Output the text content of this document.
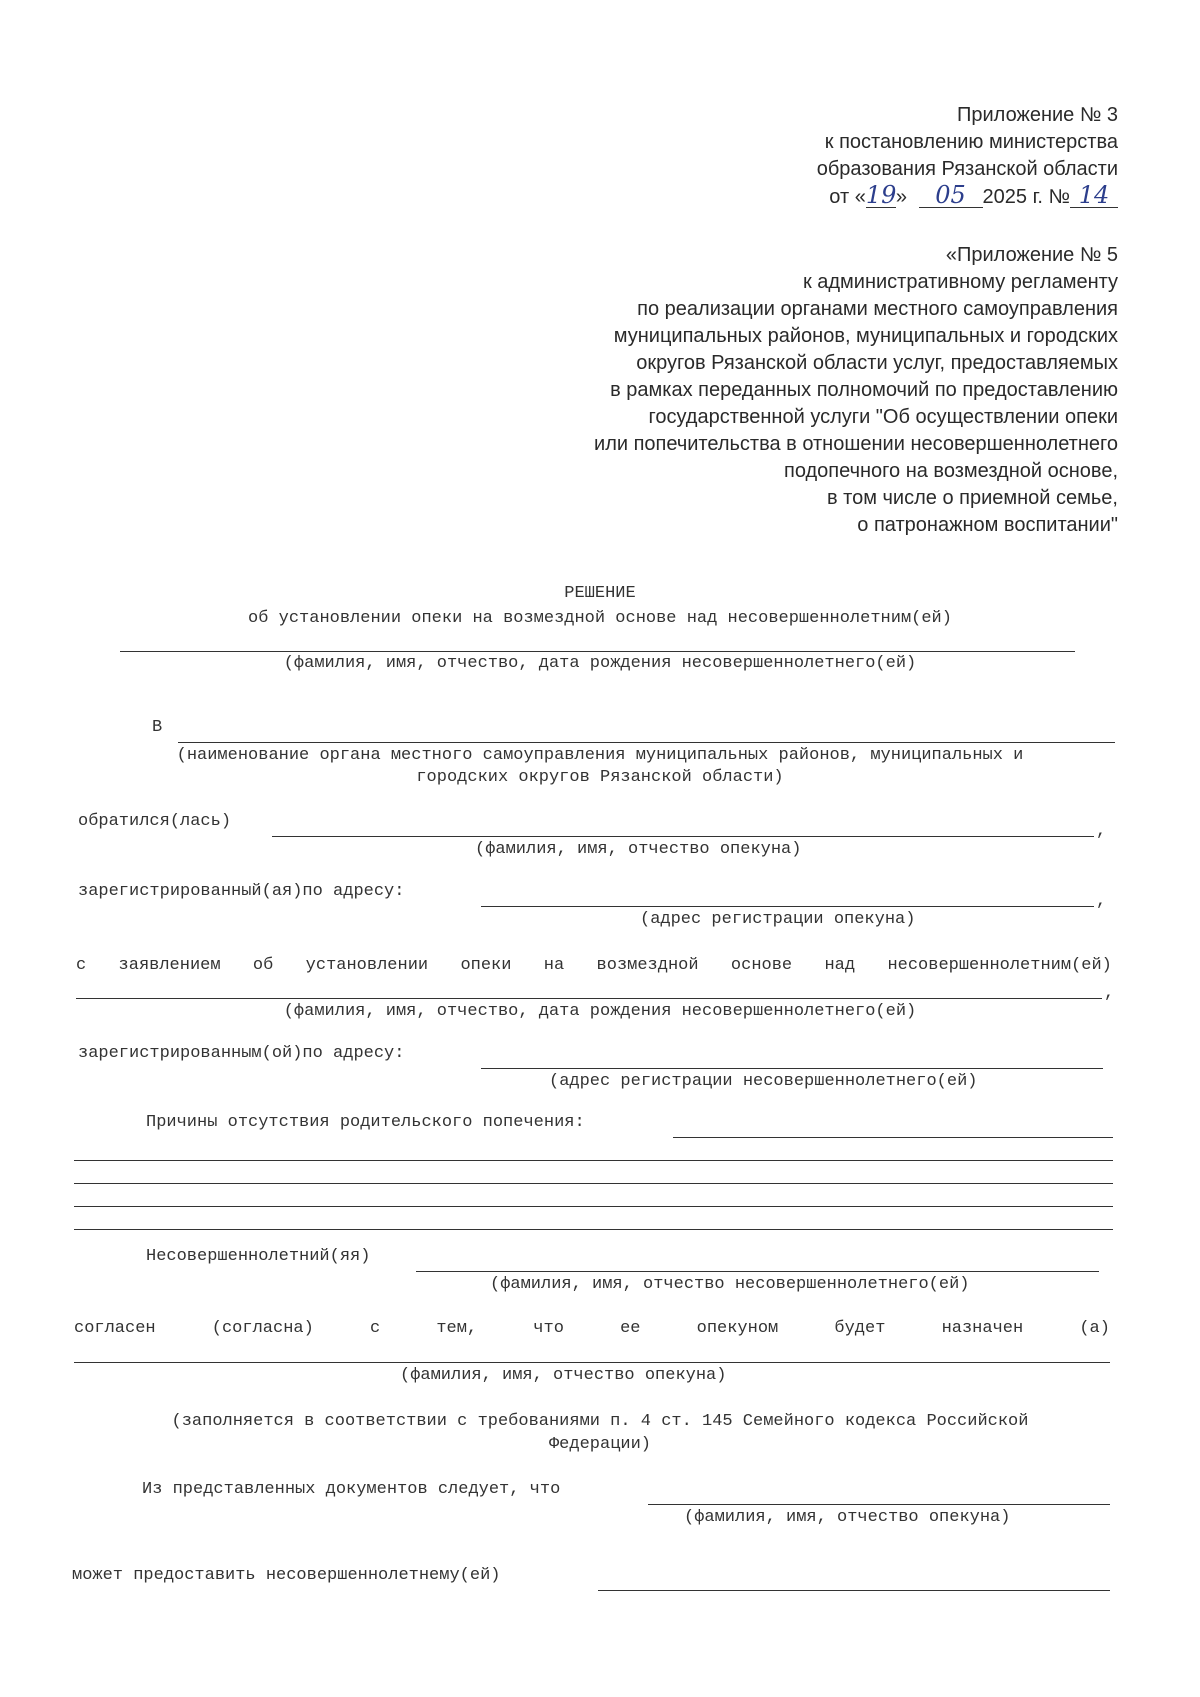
Приложение № 3
к постановлению министерства
образования Рязанской области
от «19» 05 2025 г. № 14
«Приложение № 5
к административному регламенту
по реализации органами местного самоуправления
муниципальных районов, муниципальных и городских
округов Рязанской области услуг, предоставляемых
в рамках переданных полномочий по предоставлению
государственной услуги "Об осуществлении опеки
или попечительства в отношении несовершеннолетнего
подопечного на возмездной основе,
в том числе о приемной семье,
о патронажном воспитании"
РЕШЕНИЕ
об установлении опеки на возмездной основе над несовершеннолетним(ей)
(фамилия, имя, отчество, дата рождения несовершеннолетнего(ей)
В
(наименование органа местного самоуправления муниципальных районов, муниципальных и
городских округов Рязанской области)
обратился(лась)
,
(фамилия, имя, отчество опекуна)
зарегистрированный(ая)по адресу:
,
(адрес регистрации опекуна)
с заявлением об установлении опеки на возмездной основе над несовершеннолетним(ей)
,
(фамилия, имя, отчество, дата рождения несовершеннолетнего(ей)
зарегистрированным(ой)по адресу:
(адрес регистрации несовершеннолетнего(ей)
Причины отсутствия родительского попечения:
Несовершеннолетний(яя)
(фамилия, имя, отчество несовершеннолетнего(ей)
согласен	(согласна)	с	тем,	что	ее	опекуном	будет	назначен	(а)
(фамилия, имя, отчество опекуна)
(заполняется в соответствии с требованиями п. 4 ст. 145 Семейного кодекса Российской
Федерации)
Из представленных документов следует, что
(фамилия, имя, отчество опекуна)
может предоставить несовершеннолетнему(ей)
